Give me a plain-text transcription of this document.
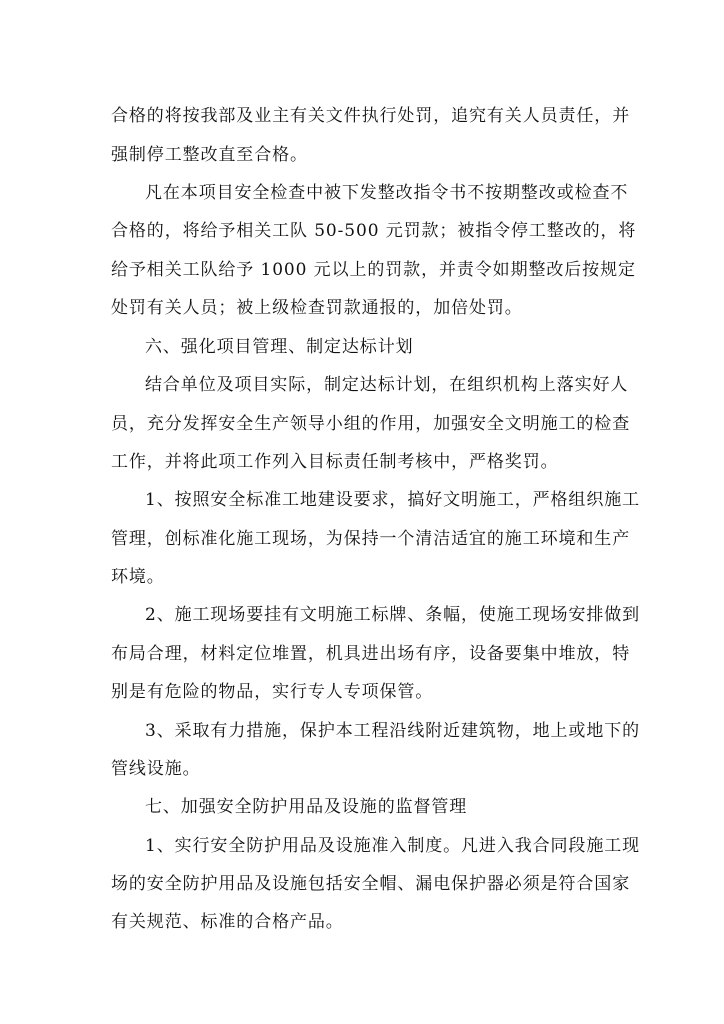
合格的将按我部及业主有关文件执行处罚，追究有关人员责任，并

强制停工整改直至合格。

凡在本项目安全检查中被下发整改指令书不按期整改或检查不

合格的，将给予相关工队 50-500 元罚款；被指令停工整改的，将

给予相关工队给予 1000 元以上的罚款，并责令如期整改后按规定

处罚有关人员；被上级检查罚款通报的，加倍处罚。

六、强化项目管理、制定达标计划

结合单位及项目实际，制定达标计划，在组织机构上落实好人

员，充分发挥安全生产领导小组的作用，加强安全文明施工的检查

工作，并将此项工作列入目标责任制考核中，严格奖罚。

1、按照安全标准工地建设要求，搞好文明施工，严格组织施工

管理，创标准化施工现场，为保持一个清洁适宜的施工环境和生产

环境。

2、施工现场要挂有文明施工标牌、条幅，使施工现场安排做到

布局合理，材料定位堆置，机具进出场有序，设备要集中堆放，特

别是有危险的物品，实行专人专项保管。

3、采取有力措施，保护本工程沿线附近建筑物，地上或地下的

管线设施。

七、加强安全防护用品及设施的监督管理

1、实行安全防护用品及设施准入制度。凡进入我合同段施工现

场的安全防护用品及设施包括安全帽、漏电保护器必须是符合国家

有关规范、标准的合格产品。
